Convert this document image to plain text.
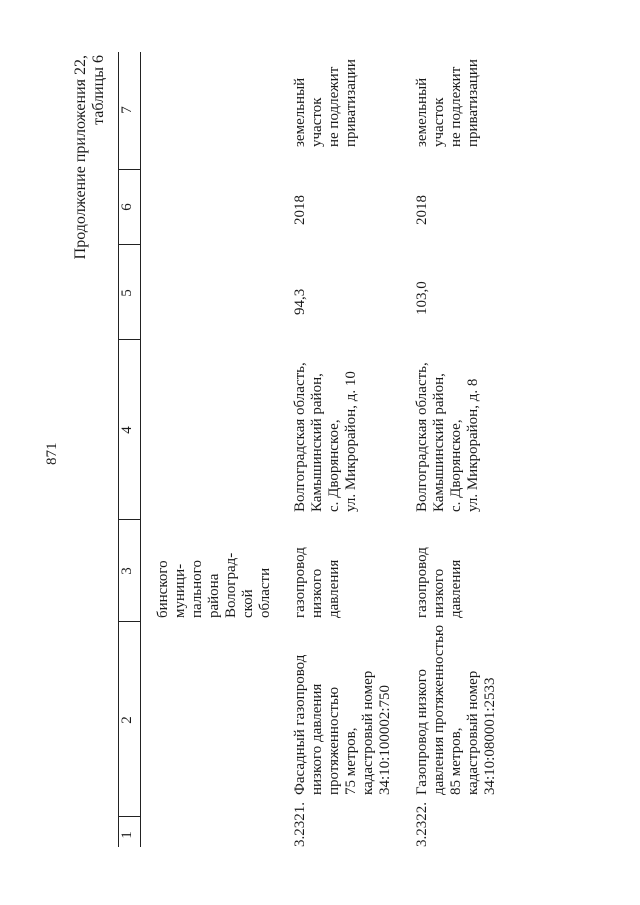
871
Продолжение приложения 22, таблицы 6
1
2
3
4
5
6
7
бинского
муници-
пального
района
Волоград-
ской
области
3.2321.
Фасадный газопровод
низкого давления
протяженностью
75 метров,
кадастровый номер
34:10:100002:750
газопровод
низкого
давления
Волгоградская область,
Камышинский район,
с. Дворянское,
ул. Микрорайон, д. 10
94,3
2018
земельный
участок
не подлежит
приватизации
3.2322.
Газопровод низкого
давления протяженностью
85 метров,
кадастровый номер
34:10:080001:2533
газопровод
низкого
давления
Волгоградская область,
Камышинский район,
с. Дворянское,
ул. Микрорайон, д. 8
103,0
2018
земельный
участок
не подлежит
приватизации
